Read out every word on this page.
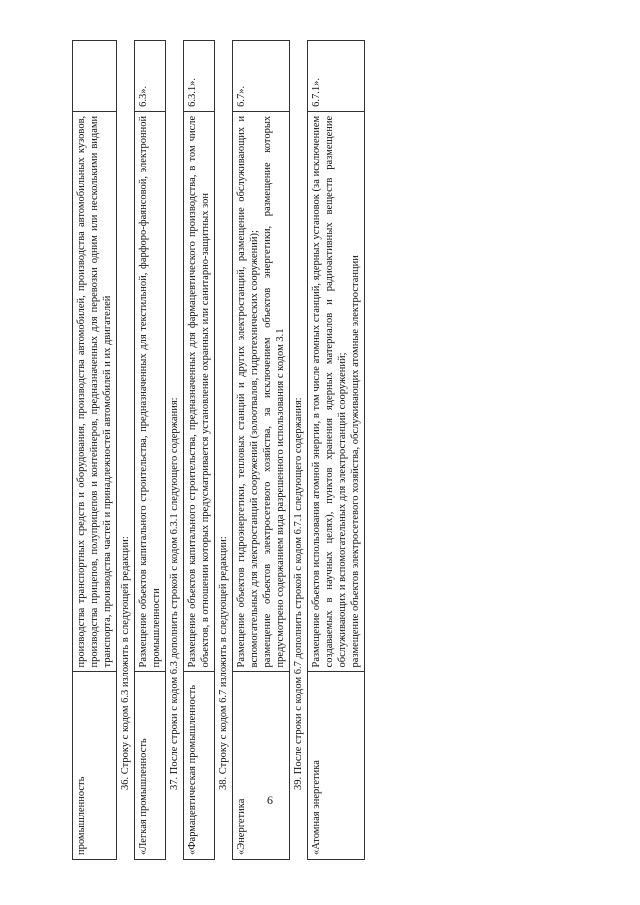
промышленность

производства транспортных средств и оборудования, производства автомобилей, производства автомобильных кузовов, производства прицепов, полуприцепов и контейнеров, предназначенных для перевозки одним или несколькими видами транспорта, производства частей и принадлежностей автомобилей и их двигателей 36. Строку с кодом 6.3 изложить в следующей редакции:
«Легкая промышленность

Размещение объектов капитального строительства, предназначенных для текстильной, фарфоро-фаянсовой, электронной промышленности

6.3».
37. После строки с кодом 6.3 дополнить строкой с кодом 6.3.1 следующего содержания: «Фармацевтическая промышленность

Размещение объектов капитального строительства, предназначенных для фармацевтического производства, в том числе объектов, в отношении которых предусматривается установление охранных или санитарно-защитных зон

6.3.1».
38. Строку с кодом 6.7 изложить в следующей редакции:
«Энергетика

Размещение объектов гидроэнергетики, тепловых станций и других электростанций, размещение обслуживающих и вспомогательных для электростанций сооружений (золоотвалов, гидротехнических сооружений); размещение объектов электросетевого хозяйства, за исключением объектов энергетики, размещение которых предусмотрено содержанием вида разрешенного использования с кодом 3.1

6.7».
39. После строки с кодом 6.7 дополнить строкой с кодом 6.7.1 следующего содержания:
«Атомная энергетика

Размещение объектов использования атомной энергии, в том числе атомных станций, ядерных установок (за исключением создаваемых в научных целях), пунктов хранения ядерных материалов и радиоактивных веществ размещение обслуживающих и вспомогательных для электростанций сооружений; размещение объектов электросетевого хозяйства, обслуживающих атомные электростанции

6.7.1».
9
